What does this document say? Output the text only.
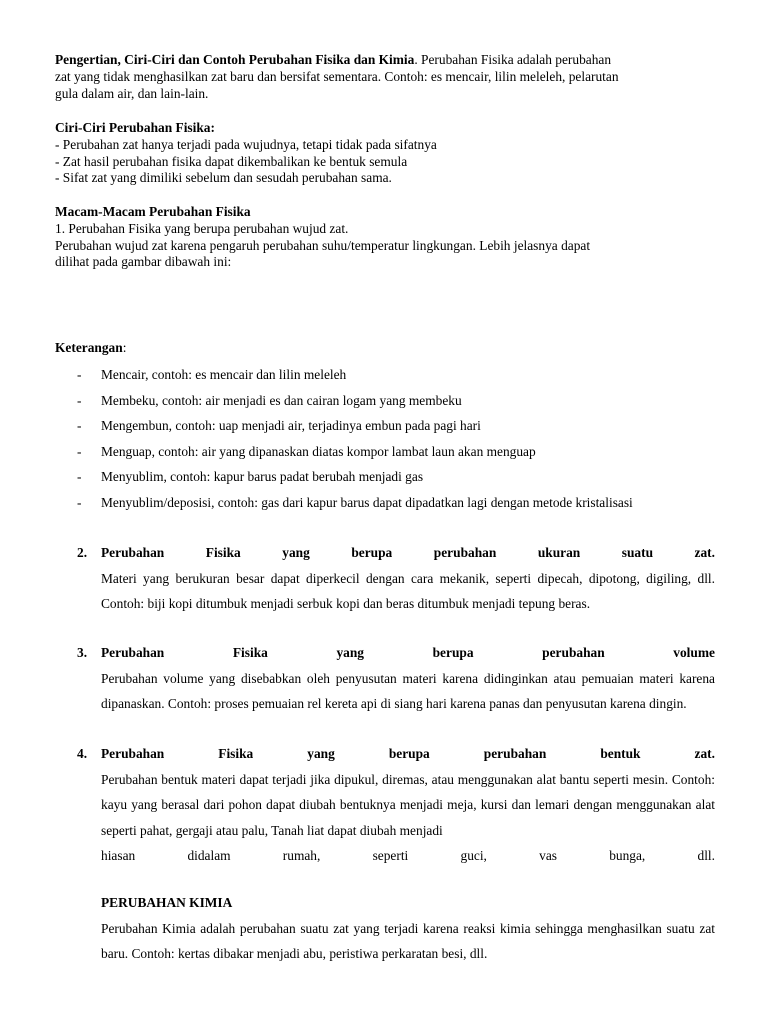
Pengertian, Ciri-Ciri dan Contoh Perubahan Fisika dan Kimia. Perubahan Fisika adalah perubahan
zat yang tidak menghasilkan zat baru dan bersifat sementara. Contoh: es mencair, lilin meleleh, pelarutan
gula dalam air, dan lain-lain.
Ciri-Ciri Perubahan Fisika:
- Perubahan zat hanya terjadi pada wujudnya, tetapi tidak pada sifatnya
- Zat hasil perubahan fisika dapat dikembalikan ke bentuk semula
- Sifat zat yang dimiliki sebelum dan sesudah perubahan sama.
Macam-Macam Perubahan Fisika
1. Perubahan Fisika yang berupa perubahan wujud zat.
Perubahan wujud zat karena pengaruh perubahan suhu/temperatur lingkungan. Lebih jelasnya dapat
dilihat pada gambar dibawah ini:
Keterangan:
- Mencair, contoh: es mencair dan lilin meleleh
- Membeku, contoh: air menjadi es dan cairan logam yang membeku
- Mengembun, contoh: uap menjadi air, terjadinya embun pada pagi hari
- Menguap, contoh: air yang dipanaskan diatas kompor lambat laun akan menguap
- Menyublim, contoh: kapur barus padat berubah menjadi gas
- Menyublim/deposisi, contoh: gas dari kapur barus dapat dipadatkan lagi dengan metode kristalisasi
2. Perubahan	Fisika	yang	berupa	perubahan	ukuran	suatu	zat.
Materi yang berukuran besar dapat diperkecil dengan cara mekanik, seperti dipecah, dipotong, digiling, dll. Contoh: biji kopi ditumbuk menjadi serbuk kopi dan beras ditumbuk menjadi tepung beras.
3. Perubahan	Fisika	yang	berupa	perubahan	volume
Perubahan volume yang disebabkan oleh penyusutan materi karena didinginkan atau pemuaian materi karena dipanaskan. Contoh: proses pemuaian rel kereta api di siang hari karena panas dan penyusutan karena dingin.
4. Perubahan	Fisika	yang	berupa	perubahan	bentuk	zat.
Perubahan bentuk materi dapat terjadi jika dipukul, diremas, atau menggunakan alat bantu seperti mesin. Contoh: kayu yang berasal dari pohon dapat diubah bentuknya menjadi meja, kursi dan lemari dengan menggunakan alat seperti pahat, gergaji atau palu, Tanah liat dapat diubah menjadi
hiasan	didalam	rumah,	seperti	guci,	vas	bunga,	dll.
PERUBAHAN KIMIA
Perubahan Kimia adalah perubahan suatu zat yang terjadi karena reaksi kimia sehingga menghasilkan suatu zat baru. Contoh: kertas dibakar menjadi abu, peristiwa perkaratan besi, dll.
